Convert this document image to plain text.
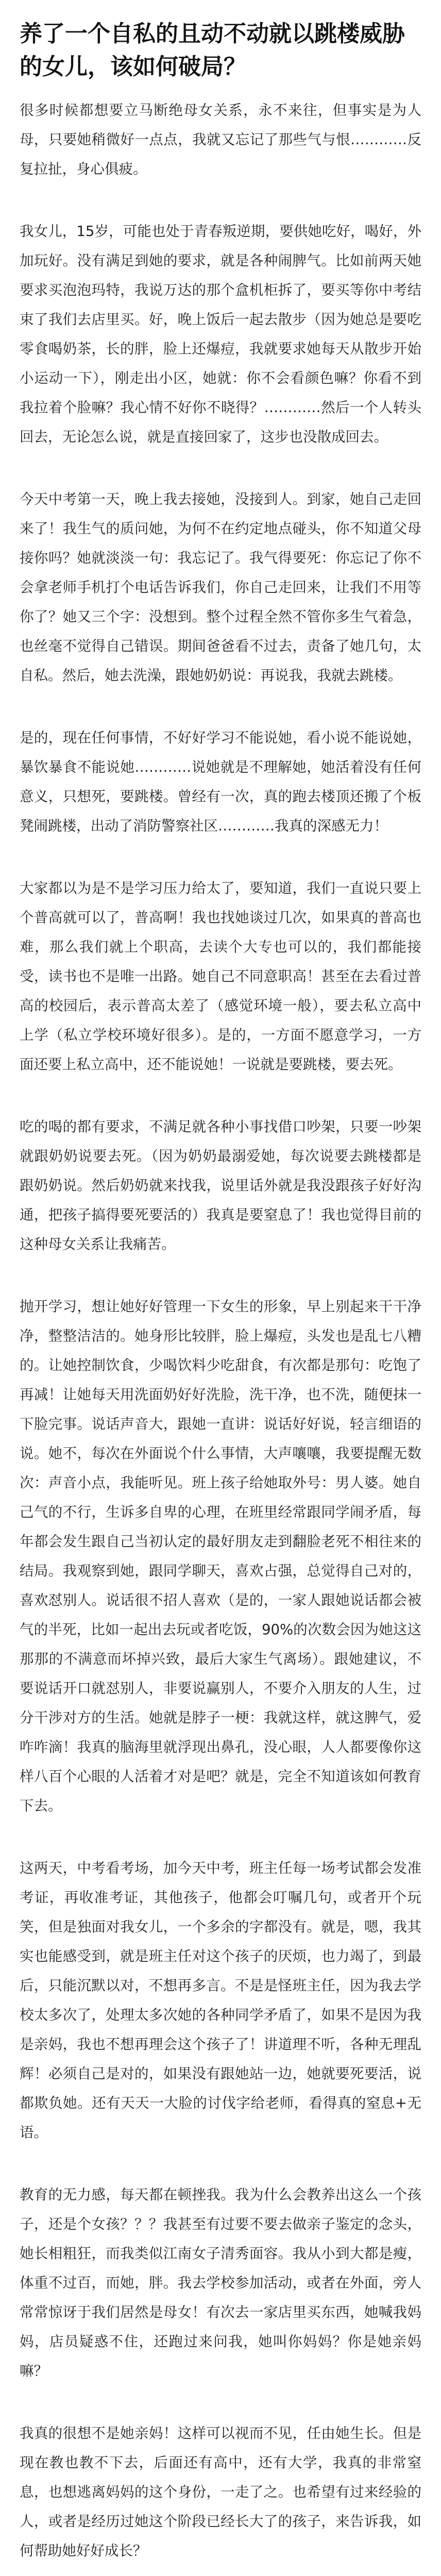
养了一个自私的且动不动就以跳楼威胁的女儿，该如何破局？

很多时候都想要立马断绝母女关系，永不来往，但事实是为人母，只要她稍微好一点点，我就又忘记了那些气与恨…………反复拉扯，身心俱疲。

我女儿，15岁，可能也处于青春叛逆期，要供她吃好，喝好，外加玩好。没有满足到她的要求，就是各种闹脾气。比如前两天她要求买泡泡玛特，我说万达的那个盒机柜拆了，要买等你中考结束了我们去店里买。好，晚上饭后一起去散步（因为她总是要吃零食喝奶茶，长的胖，脸上还爆痘，我就要求她每天从散步开始小运动一下），刚走出小区，她就：你不会看颜色嘛？你看不到我拉着个脸嘛？我心情不好你不晓得？…………然后一个人转头回去，无论怎么说，就是直接回家了，这步也没散成回去。

今天中考第一天，晚上我去接她，没接到人。到家，她自己走回来了！我生气的质问她，为何不在约定地点碰头，你不知道父母接你吗？她就淡淡一句：我忘记了。我气得要死：你忘记了你不会拿老师手机打个电话告诉我们，你自己走回来，让我们不用等你了？她又三个字：没想到。整个过程全然不管你多生气着急，也丝毫不觉得自己错误。期间爸爸看不过去，责备了她几句，太自私。然后，她去洗澡，跟她奶奶说：再说我，我就去跳楼。

是的，现在任何事情，不好好学习不能说她，看小说不能说她，暴饮暴食不能说她…………说她就是不理解她，她活着没有任何意义，只想死，要跳楼。曾经有一次，真的跑去楼顶还搬了个板凳闹跳楼，出动了消防警察社区…………我真的深感无力！

大家都以为是不是学习压力给太了，要知道，我们一直说只要上个普高就可以了，普高啊！我也找她谈过几次，如果真的普高也难，那么我们就上个职高，去读个大专也可以的，我们都能接受，读书也不是唯一出路。她自己不同意职高！甚至在去看过普高的校园后，表示普高太差了（感觉环境一般），要去私立高中上学（私立学校环境好很多）。是的，一方面不愿意学习，一方面还要上私立高中，还不能说她！一说就是要跳楼，要去死。

吃的喝的都有要求，不满足就各种小事找借口吵架，只要一吵架就跟奶奶说要去死。（因为奶奶最溺爱她，每次说要去跳楼都是跟奶奶说。然后奶奶就来找我，说里话外就是我没跟孩子好好沟通，把孩子搞得要死要活的）我真是要窒息了！我也觉得目前的这种母女关系让我痛苦。

抛开学习，想让她好好管理一下女生的形象，早上别起来干干净净，整整洁洁的。她身形比较胖，脸上爆痘，头发也是乱七八糟的。让她控制饮食，少喝饮料少吃甜食，有次都是那句：吃饱了再减！让她每天用洗面奶好好洗脸，洗干净，也不洗，随便抹一下脸完事。说话声音大，跟她一直讲：说话好好说，轻言细语的说。她不，每次在外面说个什么事情，大声嚷嚷，我要提醒无数次：声音小点，我能听见。班上孩子给她取外号：男人婆。她自己气的不行，生诉多自卑的心理，在班里经常跟同学闹矛盾，每年都会发生跟自己当初认定的最好朋友走到翻脸老死不相往来的结局。我观察到她，跟同学聊天，喜欢占强，总觉得自己对的，喜欢怼别人。说话很不招人喜欢（是的，一家人跟她说话都会被气的半死，比如一起出去玩或者吃饭，90%的次数会因为她这这那那的不满意而坏掉兴致，最后大家生气离场）。跟她建议，不要说话开口就怼别人，非要说赢别人，不要介入朋友的人生，过分干涉对方的生活。她就是脖子一梗：我就这样，就这脾气，爱咋咋滴！我真的脑海里就浮现出鼻孔，没心眼，人人都要像你这样八百个心眼的人活着才对是吧？就是，完全不知道该如何教育下去。

这两天，中考看考场，加今天中考，班主任每一场考试都会发准考证，再收准考证，其他孩子，他都会叮嘱几句，或者开个玩笑，但是独面对我女儿，一个多余的字都没有。就是，嗯，我其实也能感受到，就是班主任对这个孩子的厌烦，也力竭了，到最后，只能沉默以对，不想再多言。不是是怪班主任，因为我去学校太多次了，处理太多次她的各种同学矛盾了，如果不是因为我是亲妈，我也不想再理会这个孩子了！讲道理不听，各种无理乱辉！必须自己是对的，如果没有跟她站一边，她就要死要活，说都欺负她。还有天天一大脸的讨伐字给老师，看得真的窒息+无语。

教育的无力感，每天都在顿挫我。我为什么会教养出这么一个孩子，还是个女孩？？？我甚至有过要不要去做亲子鉴定的念头，她长相粗狂，而我类似江南女子清秀面容。我从小到大都是瘦，体重不过百，而她，胖。我去学校参加活动，或者在外面，旁人常常惊讶于我们居然是母女！有次去一家店里买东西，她喊我妈妈，店员疑惑不住，还跑过来问我，她叫你妈妈？你是她亲妈嘛？

我真的很想不是她亲妈！这样可以视而不见，任由她生长。但是现在教也教不下去，后面还有高中，还有大学，我真的非常窒息，也想逃离妈妈的这个身份，一走了之。也希望有过来经验的人，或者是经历过她这个阶段已经长大了的孩子，来告诉我，如何帮助她好好成长？
